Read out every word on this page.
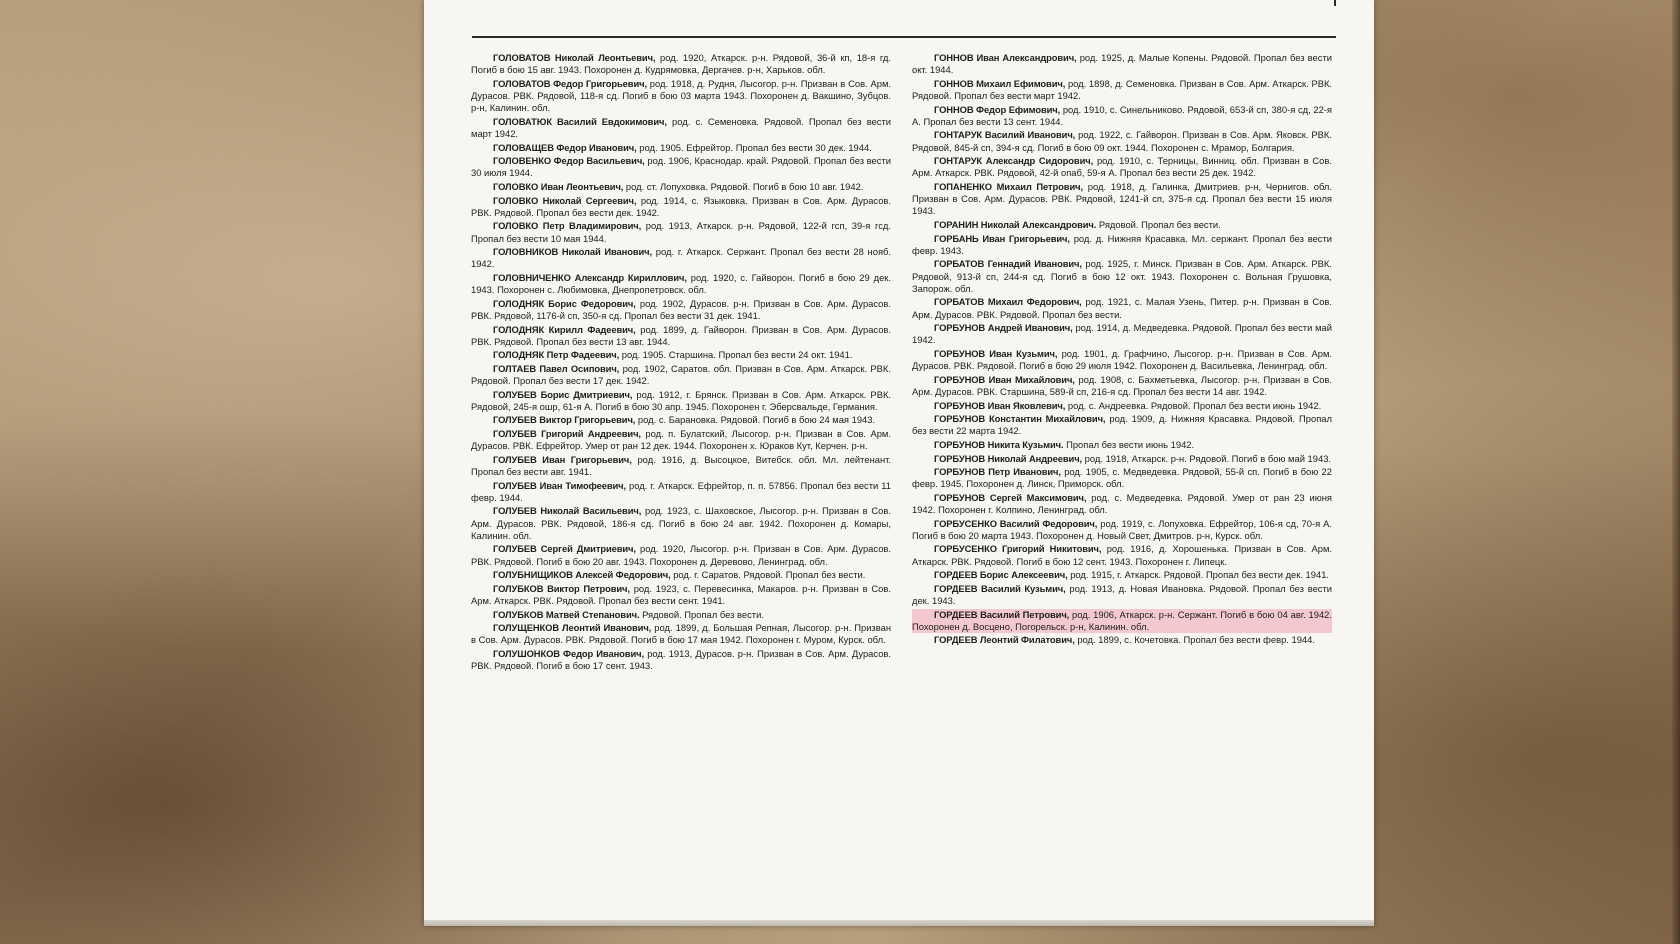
ГОЛОВАТОВ Николай Леонтьевич, род. 1920, Аткарск. р-н. Рядовой, 36-й кп, 18-я гд. Погиб в бою 15 авг. 1943. Похоронен д. Кудрямовка, Дергачев. р-н, Харьков. обл.

ГОЛОВАТОВ Федор Григорьевич, род. 1918, д. Рудня, Лысогор. р-н. Призван в Сов. Арм. Дурасов. РВК. Рядовой, 118-я сд. Погиб в бою 03 марта 1943. Похоронен д. Вакшино, Зубцов. р-н, Калинин. обл.

ГОЛОВАТЮК Василий Евдокимович, род. с. Семеновка. Рядовой. Пропал без вести март 1942.

ГОЛОВАЩЕВ Федор Иванович, род. 1905. Ефрейтор. Пропал без вести 30 дек. 1944.

ГОЛОВЕНКО Федор Васильевич, род. 1906, Краснодар. край. Рядовой. Пропал без вести 30 июля 1944.

ГОЛОВКО Иван Леонтьевич, род. ст. Лопуховка. Рядовой. Погиб в бою 10 авг. 1942.

ГОЛОВКО Николай Сергеевич, род. 1914, с. Языковка. Призван в Сов. Арм. Дурасов. РВК. Рядовой. Пропал без вести дек. 1942.

ГОЛОВКО Петр Владимирович, род. 1913, Аткарск. р-н. Рядовой, 122-й гсп, 39-я гсд. Пропал без вести 10 мая 1944.

ГОЛОВНИКОВ Николай Иванович, род. г. Аткарск. Сержант. Пропал без вести 28 нояб. 1942.

ГОЛОВНИЧЕНКО Александр Кириллович, род. 1920, с. Гайворон. Погиб в бою 29 дек. 1943. Похоронен с. Любимовка, Днепропетровск. обл.

ГОЛОДНЯК Борис Федорович, род. 1902, Дурасов. р-н. Призван в Сов. Арм. Дурасов. РВК. Рядовой, 1176-й сп, 350-я сд. Пропал без вести 31 дек. 1941.

ГОЛОДНЯК Кирилл Фадеевич, род. 1899, д. Гайворон. Призван в Сов. Арм. Дурасов. РВК. Рядовой. Пропал без вести 13 авг. 1944.

ГОЛОДНЯК Петр Фадеевич, род. 1905. Старшина. Пропал без вести 24 окт. 1941.

ГОЛТАЕВ Павел Осипович, род. 1902, Саратов. обл. Призван в Сов. Арм. Аткарск. РВК. Рядовой. Пропал без вести 17 дек. 1942.

ГОЛУБЕВ Борис Дмитриевич, род. 1912, г. Брянск. Призван в Сов. Арм. Аткарск. РВК. Рядовой, 245-я ошр, 61-я А. Погиб в бою 30 апр. 1945. Похоронен г. Эберсвальде, Германия.

ГОЛУБЕВ Виктор Григорьевич, род. с. Барановка. Рядовой. Погиб в бою 24 мая 1943.

ГОЛУБЕВ Григорий Андреевич, род. п. Булатский, Лысогор. р-н. Призван в Сов. Арм. Дурасов. РВК. Ефрейтор. Умер от ран 12 дек. 1944. Похоронен х. Юраков Кут, Керчен. р-н.

ГОЛУБЕВ Иван Григорьевич, род. 1916, д. Высоцкое, Витебск. обл. Мл. лейтенант. Пропал без вести авг. 1941.

ГОЛУБЕВ Иван Тимофеевич, род. г. Аткарск. Ефрейтор, п. п. 57856. Пропал без вести 11 февр. 1944.

ГОЛУБЕВ Николай Васильевич, род. 1923, с. Шаховское, Лысогор. р-н. Призван в Сов. Арм. Дурасов. РВК. Рядовой, 186-я сд. Погиб в бою 24 авг. 1942. Похоронен д. Комары, Калинин. обл.

ГОЛУБЕВ Сергей Дмитриевич, род. 1920, Лысогор. р-н. Призван в Сов. Арм. Дурасов. РВК. Рядовой. Погиб в бою 20 авг. 1943. Похоронен д. Деревово, Ленинград. обл.

ГОЛУБНИЩИКОВ Алексей Федорович, род. г. Саратов. Рядовой. Пропал без вести.

ГОЛУБКОВ Виктор Петрович, род. 1923, с. Перевесинка, Макаров. р-н. Призван в Сов. Арм. Аткарск. РВК. Рядовой. Пропал без вести сент. 1941.

ГОЛУБКОВ Матвей Степанович. Рядовой. Пропал без вести.

ГОЛУЩЕНКОВ Леонтий Иванович, род. 1899, д. Большая Репная, Лысогор. р-н. Призван в Сов. Арм. Дурасов. РВК. Рядовой. Погиб в бою 17 мая 1942. Похоронен г. Муром, Курск. обл.

ГОЛУШОНКОВ Федор Иванович, род. 1913, Дурасов. р-н. Призван в Сов. Арм. Дурасов. РВК. Рядовой. Погиб в бою 17 сент. 1943.

ГОННОВ Иван Александрович, род. 1925, д. Малые Копены. Рядовой. Пропал без вести окт. 1944.

ГОННОВ Михаил Ефимович, род. 1898, д. Семеновка. Призван в Сов. Арм. Аткарск. РВК. Рядовой. Пропал без вести март 1942.

ГОННОВ Федор Ефимович, род. 1910, с. Синельниково. Рядовой, 653-й сп, 380-я сд, 22-я А. Пропал без вести 13 сент. 1944.

ГОНТАРУК Василий Иванович, род. 1922, с. Гайворон. Призван в Сов. Арм. Яковск. РВК. Рядовой, 845-й сп, 394-я сд. Погиб в бою 09 окт. 1944. Похоронен с. Мрамор, Болгария.

ГОНТАРУК Александр Сидорович, род. 1910, с. Терницы, Винниц. обл. Призван в Сов. Арм. Аткарск. РВК. Рядовой, 42-й опаб, 59-я А. Пропал без вести 25 дек. 1942.

ГОПАНЕНКО Михаил Петрович, род. 1918, д. Галинка, Дмитриев. р-н, Чернигов. обл. Призван в Сов. Арм. Дурасов. РВК. Рядовой, 1241-й сп, 375-я сд. Пропал без вести 15 июля 1943.

ГОРАНИН Николай Александрович. Рядовой. Пропал без вести.

ГОРБАНЬ Иван Григорьевич, род. д. Нижняя Красавка. Мл. сержант. Пропал без вести февр. 1943.

ГОРБАТОВ Геннадий Иванович, род. 1925, г. Минск. Призван в Сов. Арм. Аткарск. РВК. Рядовой, 913-й сп, 244-я сд. Погиб в бою 12 окт. 1943. Похоронен с. Вольная Грушовка, Запорож. обл.

ГОРБАТОВ Михаил Федорович, род. 1921, с. Малая Узень, Питер. р-н. Призван в Сов. Арм. Дурасов. РВК. Рядовой. Пропал без вести.

ГОРБУНОВ Андрей Иванович, род. 1914, д. Медведевка. Рядовой. Пропал без вести май 1942.

ГОРБУНОВ Иван Кузьмич, род. 1901, д. Графчино, Лысогор. р-н. Призван в Сов. Арм. Дурасов. РВК. Рядовой. Погиб в бою 29 июля 1942. Похоронен д. Васильевка, Ленинград. обл.

ГОРБУНОВ Иван Михайлович, род. 1908, с. Бахметьевка, Лысогор. р-н. Призван в Сов. Арм. Дурасов. РВК. Старшина, 589-й сп, 216-я сд. Пропал без вести 14 авг. 1942.

ГОРБУНОВ Иван Яковлевич, род. с. Андреевка. Рядовой. Пропал без вести июнь 1942.

ГОРБУНОВ Константин Михайлович, род. 1909, д. Нижняя Красавка. Рядовой. Пропал без вести 22 марта 1942.

ГОРБУНОВ Никита Кузьмич. Пропал без вести июнь 1942.

ГОРБУНОВ Николай Андреевич, род. 1918, Аткарск. р-н. Рядовой. Погиб в бою май 1943.

ГОРБУНОВ Петр Иванович, род. 1905, с. Медведевка. Рядовой, 55-й сп. Погиб в бою 22 февр. 1945. Похоронен д. Линск, Приморск. обл.

ГОРБУНОВ Сергей Максимович, род. с. Медведевка. Рядовой. Умер от ран 23 июня 1942. Похоронен г. Колпино, Ленинград. обл.

ГОРБУСЕНКО Василий Федорович, род. 1919, с. Лопуховка. Ефрейтор, 106-я сд, 70-я А. Погиб в бою 20 марта 1943. Похоронен д. Новый Свет, Дмитров. р-н, Курск. обл.

ГОРБУСЕНКО Григорий Никитович, род. 1916, д. Хорошенька. Призван в Сов. Арм. Аткарск. РВК. Рядовой. Погиб в бою 12 сент. 1943. Похоронен г. Липецк.

ГОРДЕЕВ Борис Алексеевич, род. 1915, г. Аткарск. Рядовой. Пропал без вести дек. 1941.

ГОРДЕЕВ Василий Кузьмич, род. 1913, д. Новая Ивановка. Рядовой. Пропал без вести дек. 1943.

ГОРДЕЕВ Василий Петрович, род. 1906, Аткарск. р-н. Сержант. Погиб в бою 04 авг. 1942. Похоронен д. Восцено, Погорельск. р-н, Калинин. обл.

ГОРДЕЕВ Леонтий Филатович, род. 1899, с. Кочетовка. Пропал без вести февр. 1944.
